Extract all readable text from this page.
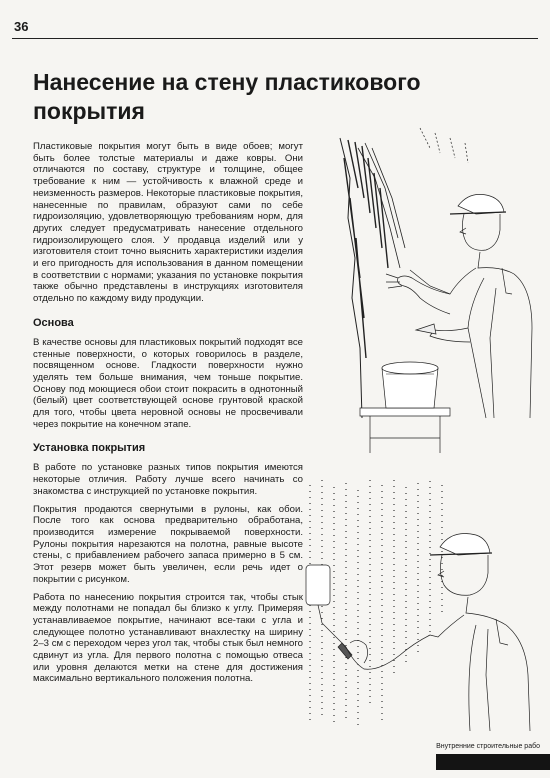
36
Нанесение на стену пластикового покрытия

Пластиковые покрытия могут быть в виде обоев; могут быть более толстые материалы и даже ковры. Они отличаются по составу, структуре и толщине, общее требование к ним — устойчивость к влажной среде и неизменность размеров. Некоторые пластиковые покрытия, нанесенные по правилам, образуют сами по себе гидроизоляцию, удовлетворяющую требованиям норм, для других следует предусматривать нанесение отдельного гидроизолирующего слоя. У продавца изделий или у изготовителя стоит точно выяснить характеристики изделия и его пригодность для использования в данном помещении в соответствии с нормами; указания по установке покрытия также обычно представлены в инструкциях изготовителя отдельно по каждому виду продукции.

Основа

В качестве основы для пластиковых покрытий подходят все стенные поверхности, о которых говорилось в разделе, посвященном основе. Гладкости поверхности нужно уделять тем больше внимания, чем тоньше покрытие. Основу под моющиеся обои стоит покрасить в однотонный (белый) цвет соответствующей основе грунтовой краской для того, чтобы цвета неровной основы не просвечивали через покрытие на конечном этапе.

Установка покрытия

В работе по установке разных типов покрытия имеются некоторые отличия. Работу лучше всего начинать со знакомства с инструкцией по установке покрытия.

Покрытия продаются свернутыми в рулоны, как обои. После того как основа предварительно обработана, производится измерение покрываемой поверхности. Рулоны покрытия нарезаются на полотна, равные высоте стены, с прибавлением рабочего запаса примерно в 5 см. Этот резерв может быть увеличен, если речь идет о покрытии с рисунком.

Работа по нанесению покрытия строится так, чтобы стык между полотнами не попадал бы близко к углу. Примеряя устанавливаемое покрытие, начинают все-таки с угла и следующее полотно устанавливают внахлестку на ширину 2–3 см с переходом через угол так, чтобы стык был немного сдвинут из угла. Для первого полотна с помощью отвеса или уровня делаются метки на стене для достижения максимально вертикального положения полотна.

Внутренние строительные рабо
